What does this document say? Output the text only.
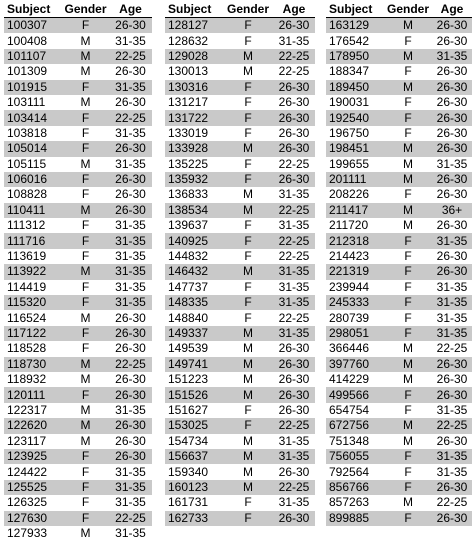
Subject	Gender	Age
100307	F	26-30
100408	M	31-35
101107	M	22-25
101309	M	26-30
101915	F	31-35
103111	M	26-30
103414	F	22-25
103818	F	31-35
105014	F	26-30
105115	M	31-35
106016	F	26-30
108828	F	26-30
110411	M	26-30
111312	F	31-35
111716	F	31-35
113619	F	31-35
113922	M	31-35
114419	F	31-35
115320	F	31-35
116524	M	26-30
117122	F	26-30
118528	F	26-30
118730	M	22-25
118932	M	26-30
120111	F	26-30
122317	M	31-35
122620	M	26-30
123117	M	26-30
123925	F	26-30
124422	F	31-35
125525	F	31-35
126325	F	31-35
127630	F	22-25
127933	M	31-35
Subject	Gender	Age
128127	F	26-30
128632	F	31-35
129028	M	22-25
130013	M	22-25
130316	F	26-30
131217	F	26-30
131722	F	26-30
133019	F	26-30
133928	M	26-30
135225	F	22-25
135932	F	26-30
136833	M	31-35
138534	M	22-25
139637	F	31-35
140925	F	22-25
144832	F	22-25
146432	M	31-35
147737	F	31-35
148335	F	31-35
148840	F	22-25
149337	M	31-35
149539	M	26-30
149741	M	26-30
151223	M	26-30
151526	M	26-30
151627	F	26-30
153025	F	22-25
154734	M	31-35
156637	M	31-35
159340	M	26-30
160123	M	22-25
161731	F	31-35
162733	F	26-30
Subject	Gender	Age
163129	M	26-30
176542	F	26-30
178950	M	31-35
188347	F	26-30
189450	M	26-30
190031	F	26-30
192540	F	26-30
196750	F	26-30
198451	M	26-30
199655	M	31-35
201111	M	26-30
208226	F	26-30
211417	M	36+
211720	M	26-30
212318	F	31-35
214423	F	26-30
221319	F	26-30
239944	F	31-35
245333	F	31-35
280739	F	31-35
298051	F	31-35
366446	M	22-25
397760	M	26-30
414229	M	26-30
499566	F	26-30
654754	F	31-35
672756	M	22-25
751348	M	26-30
756055	F	31-35
792564	F	31-35
856766	F	26-30
857263	M	22-25
899885	F	26-30
